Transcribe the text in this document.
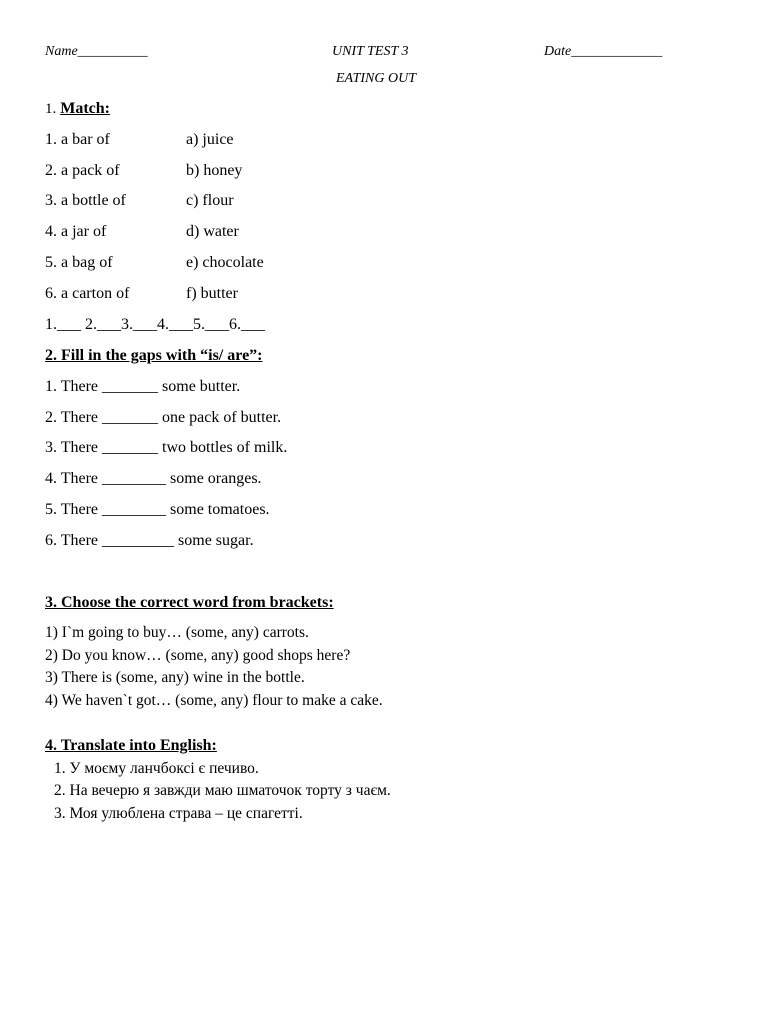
Name__________	UNIT TEST 3	Date_____________
EATING OUT
1. Match:
1. a bar of	a) juice
2. a pack of	b) honey
3. a bottle of	c) flour
4. a jar of	d) water
5. a bag of	e) chocolate
6. a carton of	f) butter
1.___ 2.___3.___4.___5.___6.___
2. Fill in the gaps with “is/ are”:
1. There _______ some butter.
2. There _______ one pack of butter.
3. There _______ two bottles of milk.
4. There ________ some oranges.
5. There ________ some tomatoes.
6. There _________ some sugar.
3. Choose the correct word from brackets:
1) I`m going to buy… (some, any) carrots.
2) Do you know… (some, any) good shops here?
3) There is (some, any) wine in the bottle.
4) We haven`t got… (some, any) flour to make a cake.
4. Translate into English:
1. У моєму ланчбоксі є печиво.
2. На вечерю я завжди маю шматочок торту з чаєм.
3. Моя улюблена страва – це спагетті.
